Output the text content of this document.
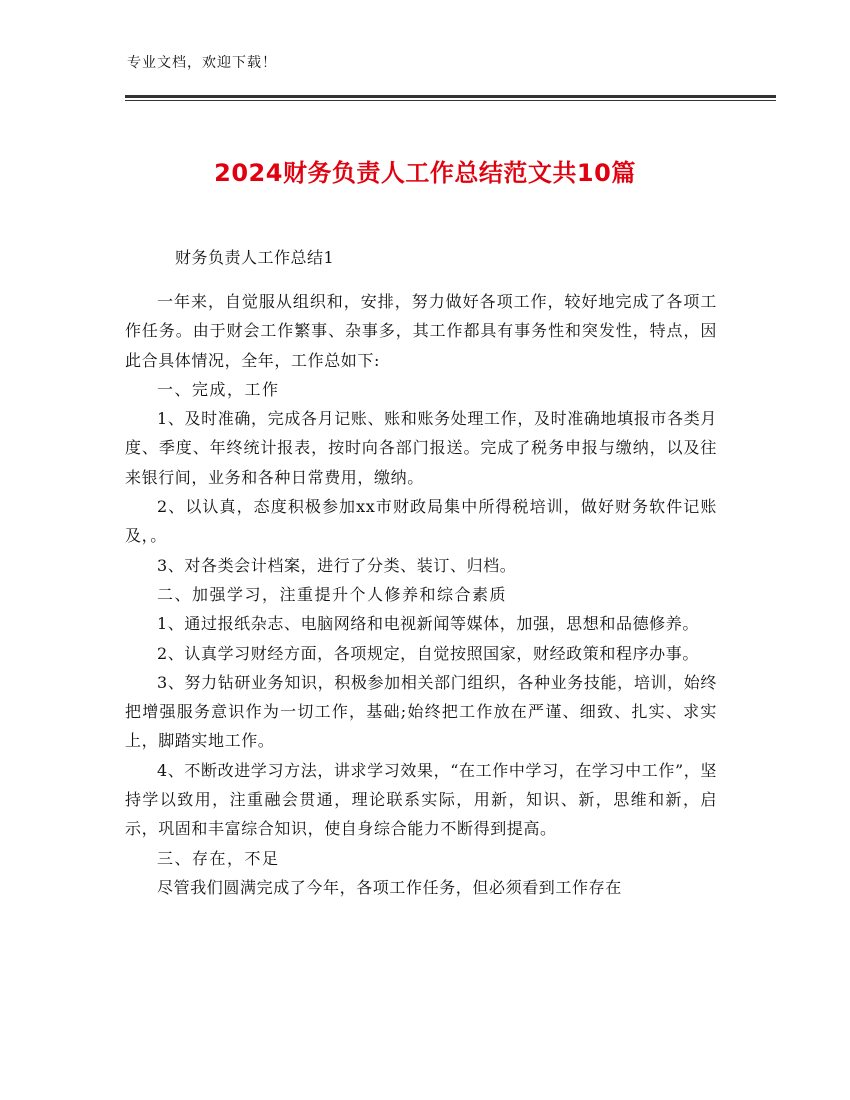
专业文档，欢迎下载！
2024财务负责人工作总结范文共10篇
财务负责人工作总结1

一年来，自觉服从组织和，安排，努力做好各项工作，较好地完成了各项工作任务。由于财会工作繁事、杂事多，其工作都具有事务性和突发性，特点，因此合具体情况，全年，工作总如下:

一、完成，工作

1、及时准确，完成各月记账、账和账务处理工作，及时准确地填报市各类月度、季度、年终统计报表，按时向各部门报送。完成了税务申报与缴纳，以及往来银行间，业务和各种日常费用，缴纳。

2、以认真，态度积极参加xx市财政局集中所得税培训，做好财务软件记账及，。

3、对各类会计档案，进行了分类、装订、归档。

二、加强学习，注重提升个人修养和综合素质

1、通过报纸杂志、电脑网络和电视新闻等媒体，加强，思想和品德修养。

2、认真学习财经方面，各项规定，自觉按照国家，财经政策和程序办事。

3、努力钻研业务知识，积极参加相关部门组织，各种业务技能，培训，始终把增强服务意识作为一切工作，基础;始终把工作放在严谨、细致、扎实、求实上，脚踏实地工作。

4、不断改进学习方法，讲求学习效果，“在工作中学习，在学习中工作”，坚持学以致用，注重融会贯通，理论联系实际，用新，知识、新，思维和新，启示，巩固和丰富综合知识，使自身综合能力不断得到提高。

三、存在，不足

尽管我们圆满完成了今年，各项工作任务，但必须看到工作存在
